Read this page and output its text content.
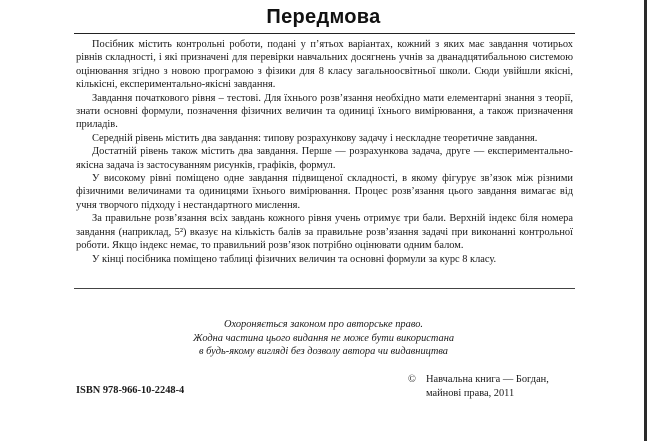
Передмова

Посібник містить контрольні роботи, подані у п’ятьох варіантах, кожний з яких має завдання чотирьох рівнів складності, і які призначені для перевірки навчальних досягнень учнів за дванадцятибальною системою оцінювання згідно з новою програмою з фізики для 8 класу загальноосвітньої школи. Сюди увійшли якісні, кількісні, експериментально-якісні завдання.

Завдання початкового рівня – тестові. Для їхнього розв’язання необхідно мати елементарні знання з теорії, знати основні формули, позначення фізичних величин та одиниці їхнього вимірювання, а також призначення приладів.

Середній рівень містить два завдання: типову розрахункову задачу і нескладне теоретичне завдання.

Достатній рівень також містить два завдання. Перше — розрахункова задача, друге — експериментально-якісна задача із застосуванням рисунків, графіків, формул.

У високому рівні поміщено одне завдання підвищеної складності, в якому фігурує зв’язок між різними фізичними величинами та одиницями їхнього вимірювання. Процес розв’язання цього завдання вимагає від учня творчого підходу і нестандартного мислення.

За правильне розв’язання всіх завдань кожного рівня учень отримує три бали. Верхній індекс біля номера завдання (наприклад, 5²) вказує на кількість балів за правильне розв’язання задачі при виконанні контрольної роботи. Якщо індекс немає, то правильний розв’язок потрібно оцінювати одним балом.

У кінці посібника поміщено таблиці фізичних величин та основні формули за курс 8 класу.

Охороняється законом про авторське право.
Жодна частина цього видання не може бути використана
в будь-якому вигляді без дозволу автора чи видавництва
ISBN 978-966-10-2248-4
© Навчальна книга — Богдан,
майнові права, 2011
